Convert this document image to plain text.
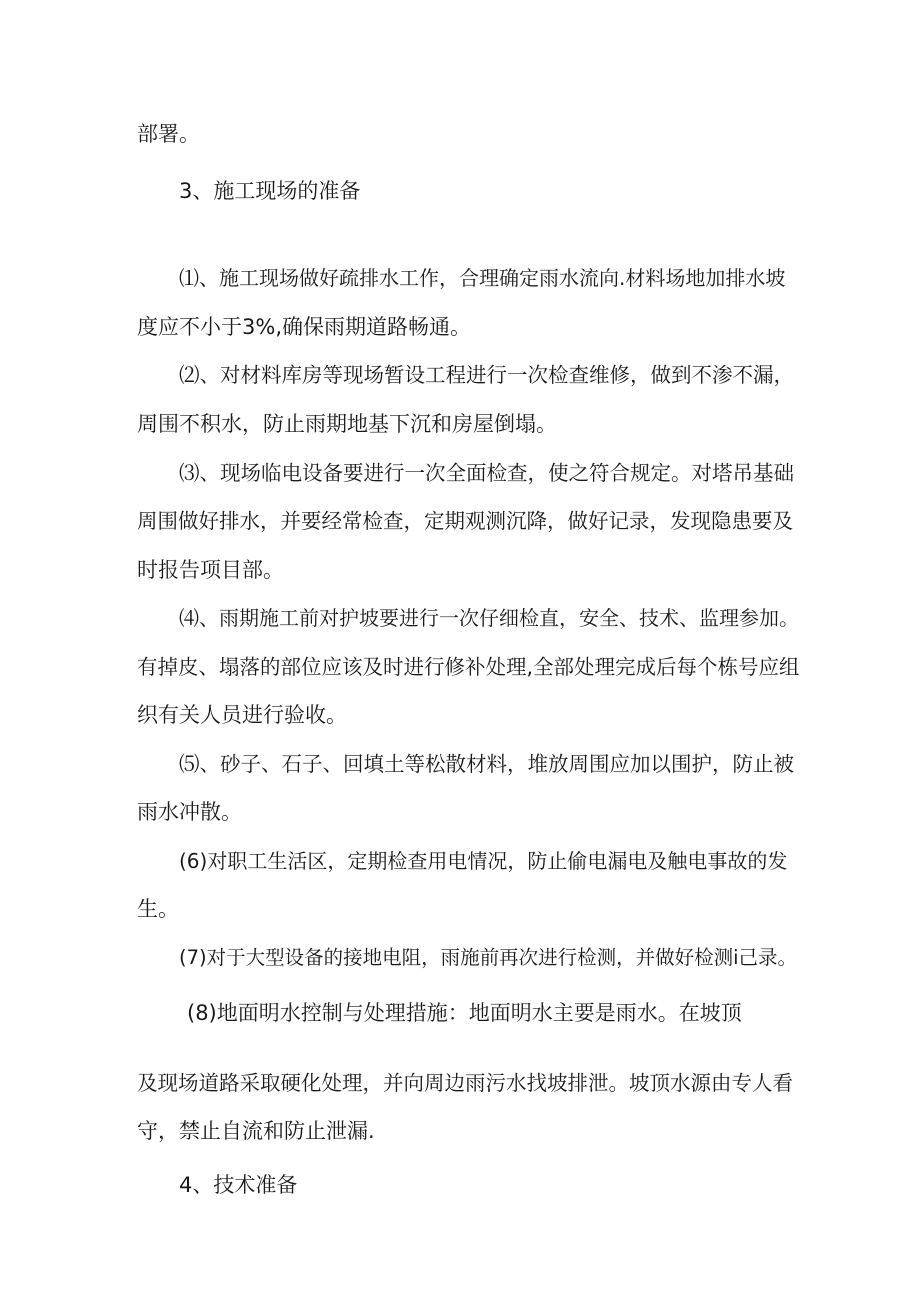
部署。

3、施工现场的准备

⑴、施工现场做好疏排水工作，合理确定雨水流向.材料场地加排水坡

度应不小于3%,确保雨期道路畅通。

⑵、对材料库房等现场暂设工程进行一次检查维修，做到不渗不漏，

周围不积水，防止雨期地基下沉和房屋倒塌。

⑶、现场临电设备要进行一次全面检查，使之符合规定。对塔吊基础

周围做好排水，并要经常检查，定期观测沉降，做好记录，发现隐患要及

时报告项目部。

⑷、雨期施工前对护坡要进行一次仔细检直，安全、技术、监理参加。

有掉皮、塌落的部位应该及时进行修补处理,全部处理完成后每个栋号应组

织有关人员进行验收。

⑸、砂子、石子、回填土等松散材料，堆放周围应加以围护，防止被

雨水冲散。

(6)对职工生活区，定期检查用电情况，防止偷电漏电及触电事故的发

生。

(7)对于大型设备的接地电阻，雨施前再次进行检测，并做好检测i己录。

(8)地面明水控制与处理措施：地面明水主要是雨水。在坡顶

及现场道路采取硬化处理，并向周边雨污水找坡排泄。坡顶水源由专人看

守，禁止自流和防止泄漏.

4、技术准备
